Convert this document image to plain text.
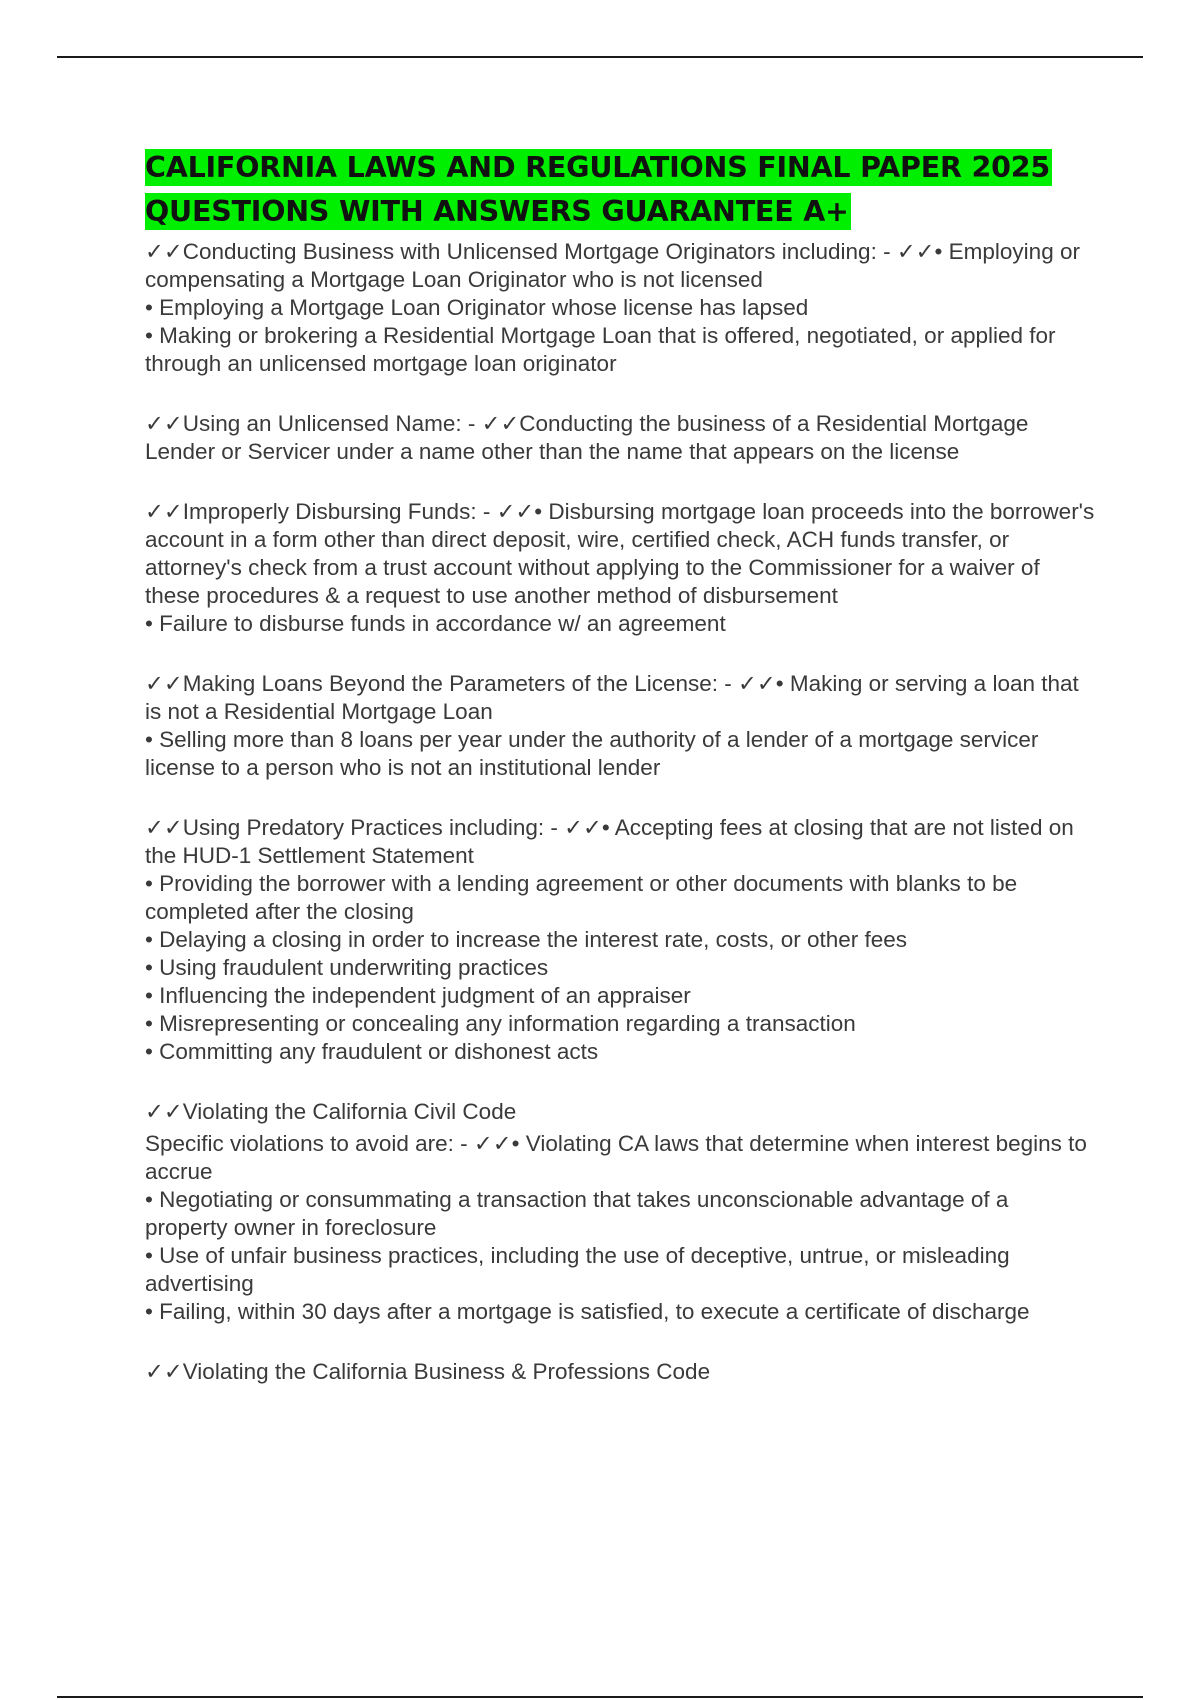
CALIFORNIA LAWS AND REGULATIONS FINAL PAPER 2025
QUESTIONS WITH ANSWERS GUARANTEE A+

✓✓Conducting Business with Unlicensed Mortgage Originators including: - ✓✓• Employing or compensating a Mortgage Loan Originator who is not licensed

• Employing a Mortgage Loan Originator whose license has lapsed

• Making or brokering a Residential Mortgage Loan that is offered, negotiated, or applied for through an unlicensed mortgage loan originator

✓✓Using an Unlicensed Name: - ✓✓Conducting the business of a Residential Mortgage Lender or Servicer under a name other than the name that appears on the license

✓✓Improperly Disbursing Funds: - ✓✓• Disbursing mortgage loan proceeds into the borrower's account in a form other than direct deposit, wire, certified check, ACH funds transfer, or attorney's check from a trust account without applying to the Commissioner for a waiver of these procedures & a request to use another method of disbursement

• Failure to disburse funds in accordance w/ an agreement

✓✓Making Loans Beyond the Parameters of the License: - ✓✓• Making or serving a loan that is not a Residential Mortgage Loan

• Selling more than 8 loans per year under the authority of a lender of a mortgage servicer license to a person who is not an institutional lender

✓✓Using Predatory Practices including: - ✓✓• Accepting fees at closing that are not listed on the HUD-1 Settlement Statement

• Providing the borrower with a lending agreement or other documents with blanks to be completed after the closing

• Delaying a closing in order to increase the interest rate, costs, or other fees

• Using fraudulent underwriting practices

• Influencing the independent judgment of an appraiser

• Misrepresenting or concealing any information regarding a transaction

• Committing any fraudulent or dishonest acts

✓✓Violating the California Civil Code

Specific violations to avoid are: - ✓✓• Violating CA laws that determine when interest begins to accrue

• Negotiating or consummating a transaction that takes unconscionable advantage of a property owner in foreclosure

• Use of unfair business practices, including the use of deceptive, untrue, or misleading advertising

• Failing, within 30 days after a mortgage is satisfied, to execute a certificate of discharge

✓✓Violating the California Business & Professions Code
